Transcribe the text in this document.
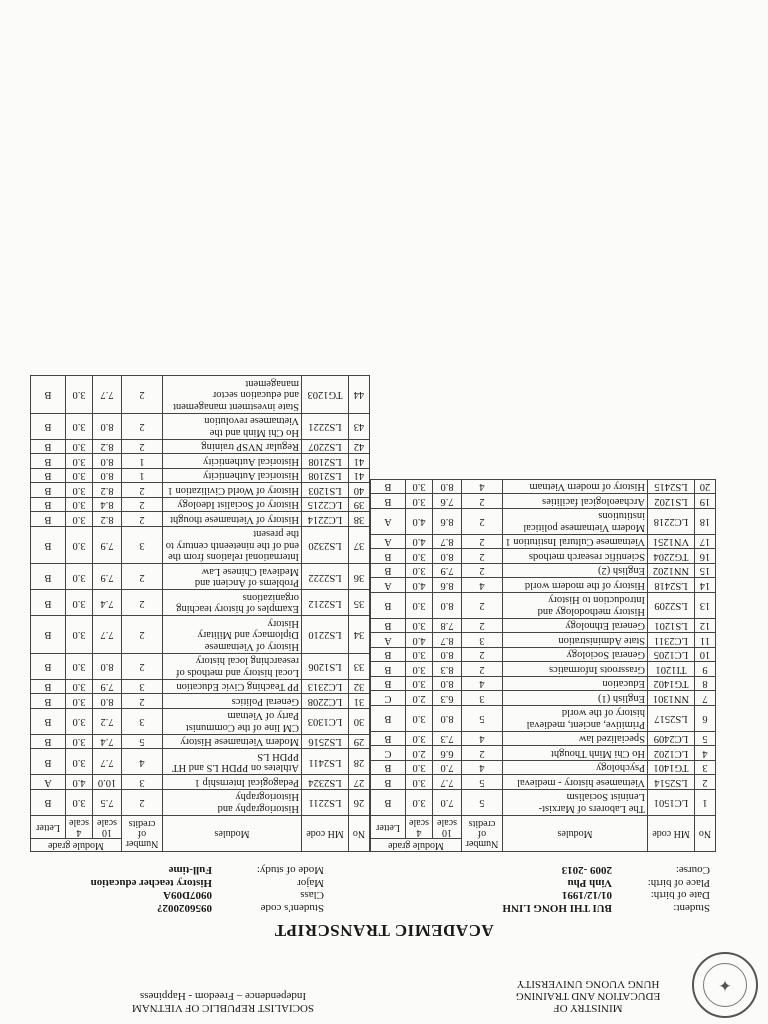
✦
MINISTRY OF
EDUCATION AND TRAINING
HUNG VUONG UNIVERSITY
SOCIALIST REPUBLIC OF VIETNAM
Independence – Freedom - Happiness
ACADEMIC TRANSCRIPT
Student:
BUI THI HONG LINH
Date of birth:
01/12/1991
Place of birth:
Vinh Phu
Course:
2009 -2013
Student's code
095602002?
Class
0907D09A
Major
History teacher education
Mode of study:
Full-time
No	MH code	Modules	Number of credits	Module grade		
				10 scale	4 scale	Letter
1	LC1501	The Laborers of Marxist-Leninist Socialism	5	7.0	3.0	B
2	LS2514	Vietnamese history - medieval	5	7.7	3.0	B
3	TG1401	Psychology	4	7.0	3.0	B
4	LC1202	Ho Chi Minh Thought	2	6.6	2.0	C
5	LC2409	Specialized law	4	7.3	3.0	B
6	LS2517	Primitive, ancient, medieval history of the world	5	8.0	3.0	B
7	NN1301	English (1)	3	6.3	2.0	C
8	TG1402	Education	4	8.0	3.0	B
9	TI1201	Grassroots Informatics	2	8.3	3.0	B
10	LC1205	General Sociology	2	8.0	3.0	B
11	LC2311	State Administration	3	8.7	4.0	A
12	LS1201	General Ethnology	2	7.8	3.0	B
13	LS2209	History methodology and Introduction to History	2	8.0	3.0	B
14	LS2418	History of the modern world	4	8.6	4.0	A
15	NN1202	English (2)	2	7.9	3.0	B
16	TG2204	Scientific research methods	2	8.0	3.0	B
17	VN1251	Vietnamese Cultural Institution 1	2	8.7	4.0	A
18	LC2218	Modern Vietnamese political institutions	2	8.6	4.0	A
19	LS1202	Archaeological facilities	2	7.6	3.0	B
20	LS2415	History of modern Vietnam	4	8.0	3.0	B
No	MH code	Modules	Number of credits	Module grade		
				10 scale	4 scale	Letter
26	LS2211	Historiography and Historiography	2	7.5	3.0	B
27	LS2324	Pedagogical Internship 1	3	10.0	4.0	A
28	LS2411	Athletes on PPDH LS and HT PPDH LS	4	7.7	3.0	B
29	LS2516	Modern Vietnamese History	5	7.4	3.0	B
30	LC1303	CM line of the Communist Party of Vietnam	3	7.2	3.0	B
31	LC2208	General Politics	2	8.0	3.0	B
32	LC2313	PP Teaching Civic Education	3	7.9	3.0	B
33	LS1206	Local history and methods of researching local history	2	8.0	3.0	B
34	LS2210	History of Vietnamese Diplomacy and Military History	2	7.7	3.0	B
35	LS2212	Examples of history teaching organizations	2	7.4	3.0	B
36	LS2222	Problems of Ancient and Medieval Chinese Law	2	7.9	3.0	B
37	LS2320	International relations from the end of the nineteenth century to the present	3	7.9	3.0	B
38	LC2214	History of Vietnamese thought	2	8.2	3.0	B
39	LC2215	History of Socialist Ideology	2	8.4	3.0	B
40	LS1203	History of World Civilization 1	2	8.2	3.0	B
41	LS2108	Historical Authenticity	1	8.0	3.0	B
41	LS2108	Historical Authenticity	1	8.0	3.0	B
42	LS2207	Regular NVSP training	2	8.2	3.0	B
43	LS2221	Ho Chi Minh and the Vietnamese revolution	2	8.0	3.0	B
44	TG1203	State investment management and education sector management	2	7.7	3.0	B
